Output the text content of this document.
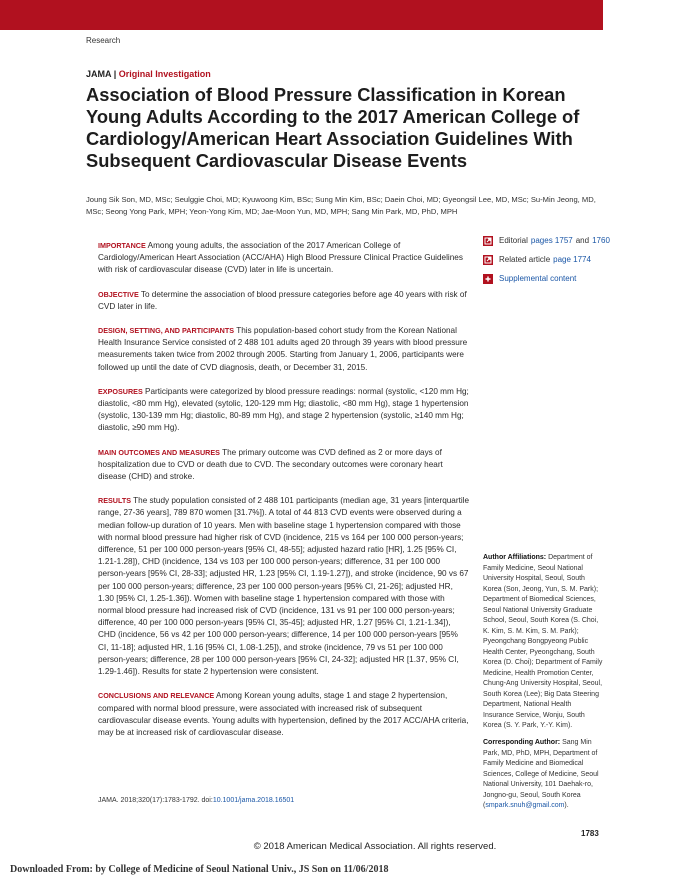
Research
JAMA | Original Investigation
Association of Blood Pressure Classification in Korean Young Adults According to the 2017 American College of Cardiology/American Heart Association Guidelines With Subsequent Cardiovascular Disease Events
Joung Sik Son, MD, MSc; Seulggie Choi, MD; Kyuwoong Kim, BSc; Sung Min Kim, BSc; Daein Choi, MD; Gyeongsil Lee, MD, MSc; Su-Min Jeong, MD, MSc; Seong Yong Park, MPH; Yeon-Yong Kim, MD; Jae-Moon Yun, MD, MPH; Sang Min Park, MD, PhD, MPH

IMPORTANCE Among young adults, the association of the 2017 American College of Cardiology/American Heart Association (ACC/AHA) High Blood Pressure Clinical Practice Guidelines with risk of cardiovascular disease (CVD) later in life is uncertain.

OBJECTIVE To determine the association of blood pressure categories before age 40 years with risk of CVD later in life.

DESIGN, SETTING, AND PARTICIPANTS This population-based cohort study from the Korean National Health Insurance Service consisted of 2 488 101 adults aged 20 through 39 years with blood pressure measurements taken twice from 2002 through 2005. Starting from January 1, 2006, participants were followed up until the date of CVD diagnosis, death, or December 31, 2015.

EXPOSURES Participants were categorized by blood pressure readings: normal (systolic, <120 mm Hg; diastolic, <80 mm Hg), elevated (sytolic, 120-129 mm Hg; diastolic, <80 mm Hg), stage 1 hypertension (systolic, 130-139 mm Hg; diastolic, 80-89 mm Hg), and stage 2 hypertension (systolic, ≥140 mm Hg; diastolic, ≥90 mm Hg).

MAIN OUTCOMES AND MEASURES The primary outcome was CVD defined as 2 or more days of hospitalization due to CVD or death due to CVD. The secondary outcomes were coronary heart disease (CHD) and stroke.

RESULTS The study population consisted of 2 488 101 participants (median age, 31 years [interquartile range, 27-36 years], 789 870 women [31.7%]). A total of 44 813 CVD events were observed during a median follow-up duration of 10 years. Men with baseline stage 1 hypertension compared with those with normal blood pressure had higher risk of CVD (incidence, 215 vs 164 per 100 000 person-years; difference, 51 per 100 000 person-years [95% CI, 48-55]; adjusted hazard ratio [HR], 1.25 [95% CI, 1.21-1.28]), CHD (incidence, 134 vs 103 per 100 000 person-years; difference, 31 per 100 000 person-years [95% CI, 28-33]; adjusted HR, 1.23 [95% CI, 1.19-1.27]), and stroke (incidence, 90 vs 67 per 100 000 person-years; difference, 23 per 100 000 person-years [95% CI, 21-26]; adjusted HR, 1.30 [95% CI, 1.25-1.36]). Women with baseline stage 1 hypertension compared with those with normal blood pressure had increased risk of CVD (incidence, 131 vs 91 per 100 000 person-years; difference, 40 per 100 000 person-years [95% CI, 35-45]; adjusted HR, 1.27 [95% CI, 1.21-1.34]), CHD (incidence, 56 vs 42 per 100 000 person-years; difference, 14 per 100 000 person-years [95% CI, 11-18]; adjusted HR, 1.16 [95% CI, 1.08-1.25]), and stroke (incidence, 79 vs 51 per 100 000 person-years; difference, 28 per 100 000 person-years [95% CI, 24-32]; adjusted HR [1.37, 95% CI, 1.29-1.46]). Results for state 2 hypertension were consistent.

CONCLUSIONS AND RELEVANCE Among Korean young adults, stage 1 and stage 2 hypertension, compared with normal blood pressure, were associated with increased risk of subsequent cardiovascular disease events. Young adults with hypertension, defined by the 2017 ACC/AHA criteria, may be at increased risk of cardiovascular disease.

JAMA. 2018;320(17):1783-1792. doi:10.1001/jama.2018.16501
Editorial pages 1757 and 1760
Related article page 1774
Supplemental content
Author Affiliations: Department of Family Medicine, Seoul National University Hospital, Seoul, South Korea (Son, Jeong, Yun, S. M. Park); Department of Biomedical Sciences, Seoul National University Graduate School, Seoul, South Korea (S. Choi, K. Kim, S. M. Kim, S. M. Park); Pyeongchang Bongpyeong Public Health Center, Pyeongchang, South Korea (D. Choi); Department of Family Medicine, Health Promotion Center, Chung-Ang University Hospital, Seoul, South Korea (Lee); Big Data Steering Department, National Health Insurance Service, Wonju, South Korea (S. Y. Park, Y.-Y. Kim).
Corresponding Author: Sang Min Park, MD, PhD, MPH, Department of Family Medicine and Biomedical Sciences, College of Medicine, Seoul National University, 101 Daehak-ro, Jongno-gu, Seoul, South Korea (smpark.snuh@gmail.com).
1783
© 2018 American Medical Association. All rights reserved.
Downloaded From: by College of Medicine of Seoul National Univ., JS Son on 11/06/2018
